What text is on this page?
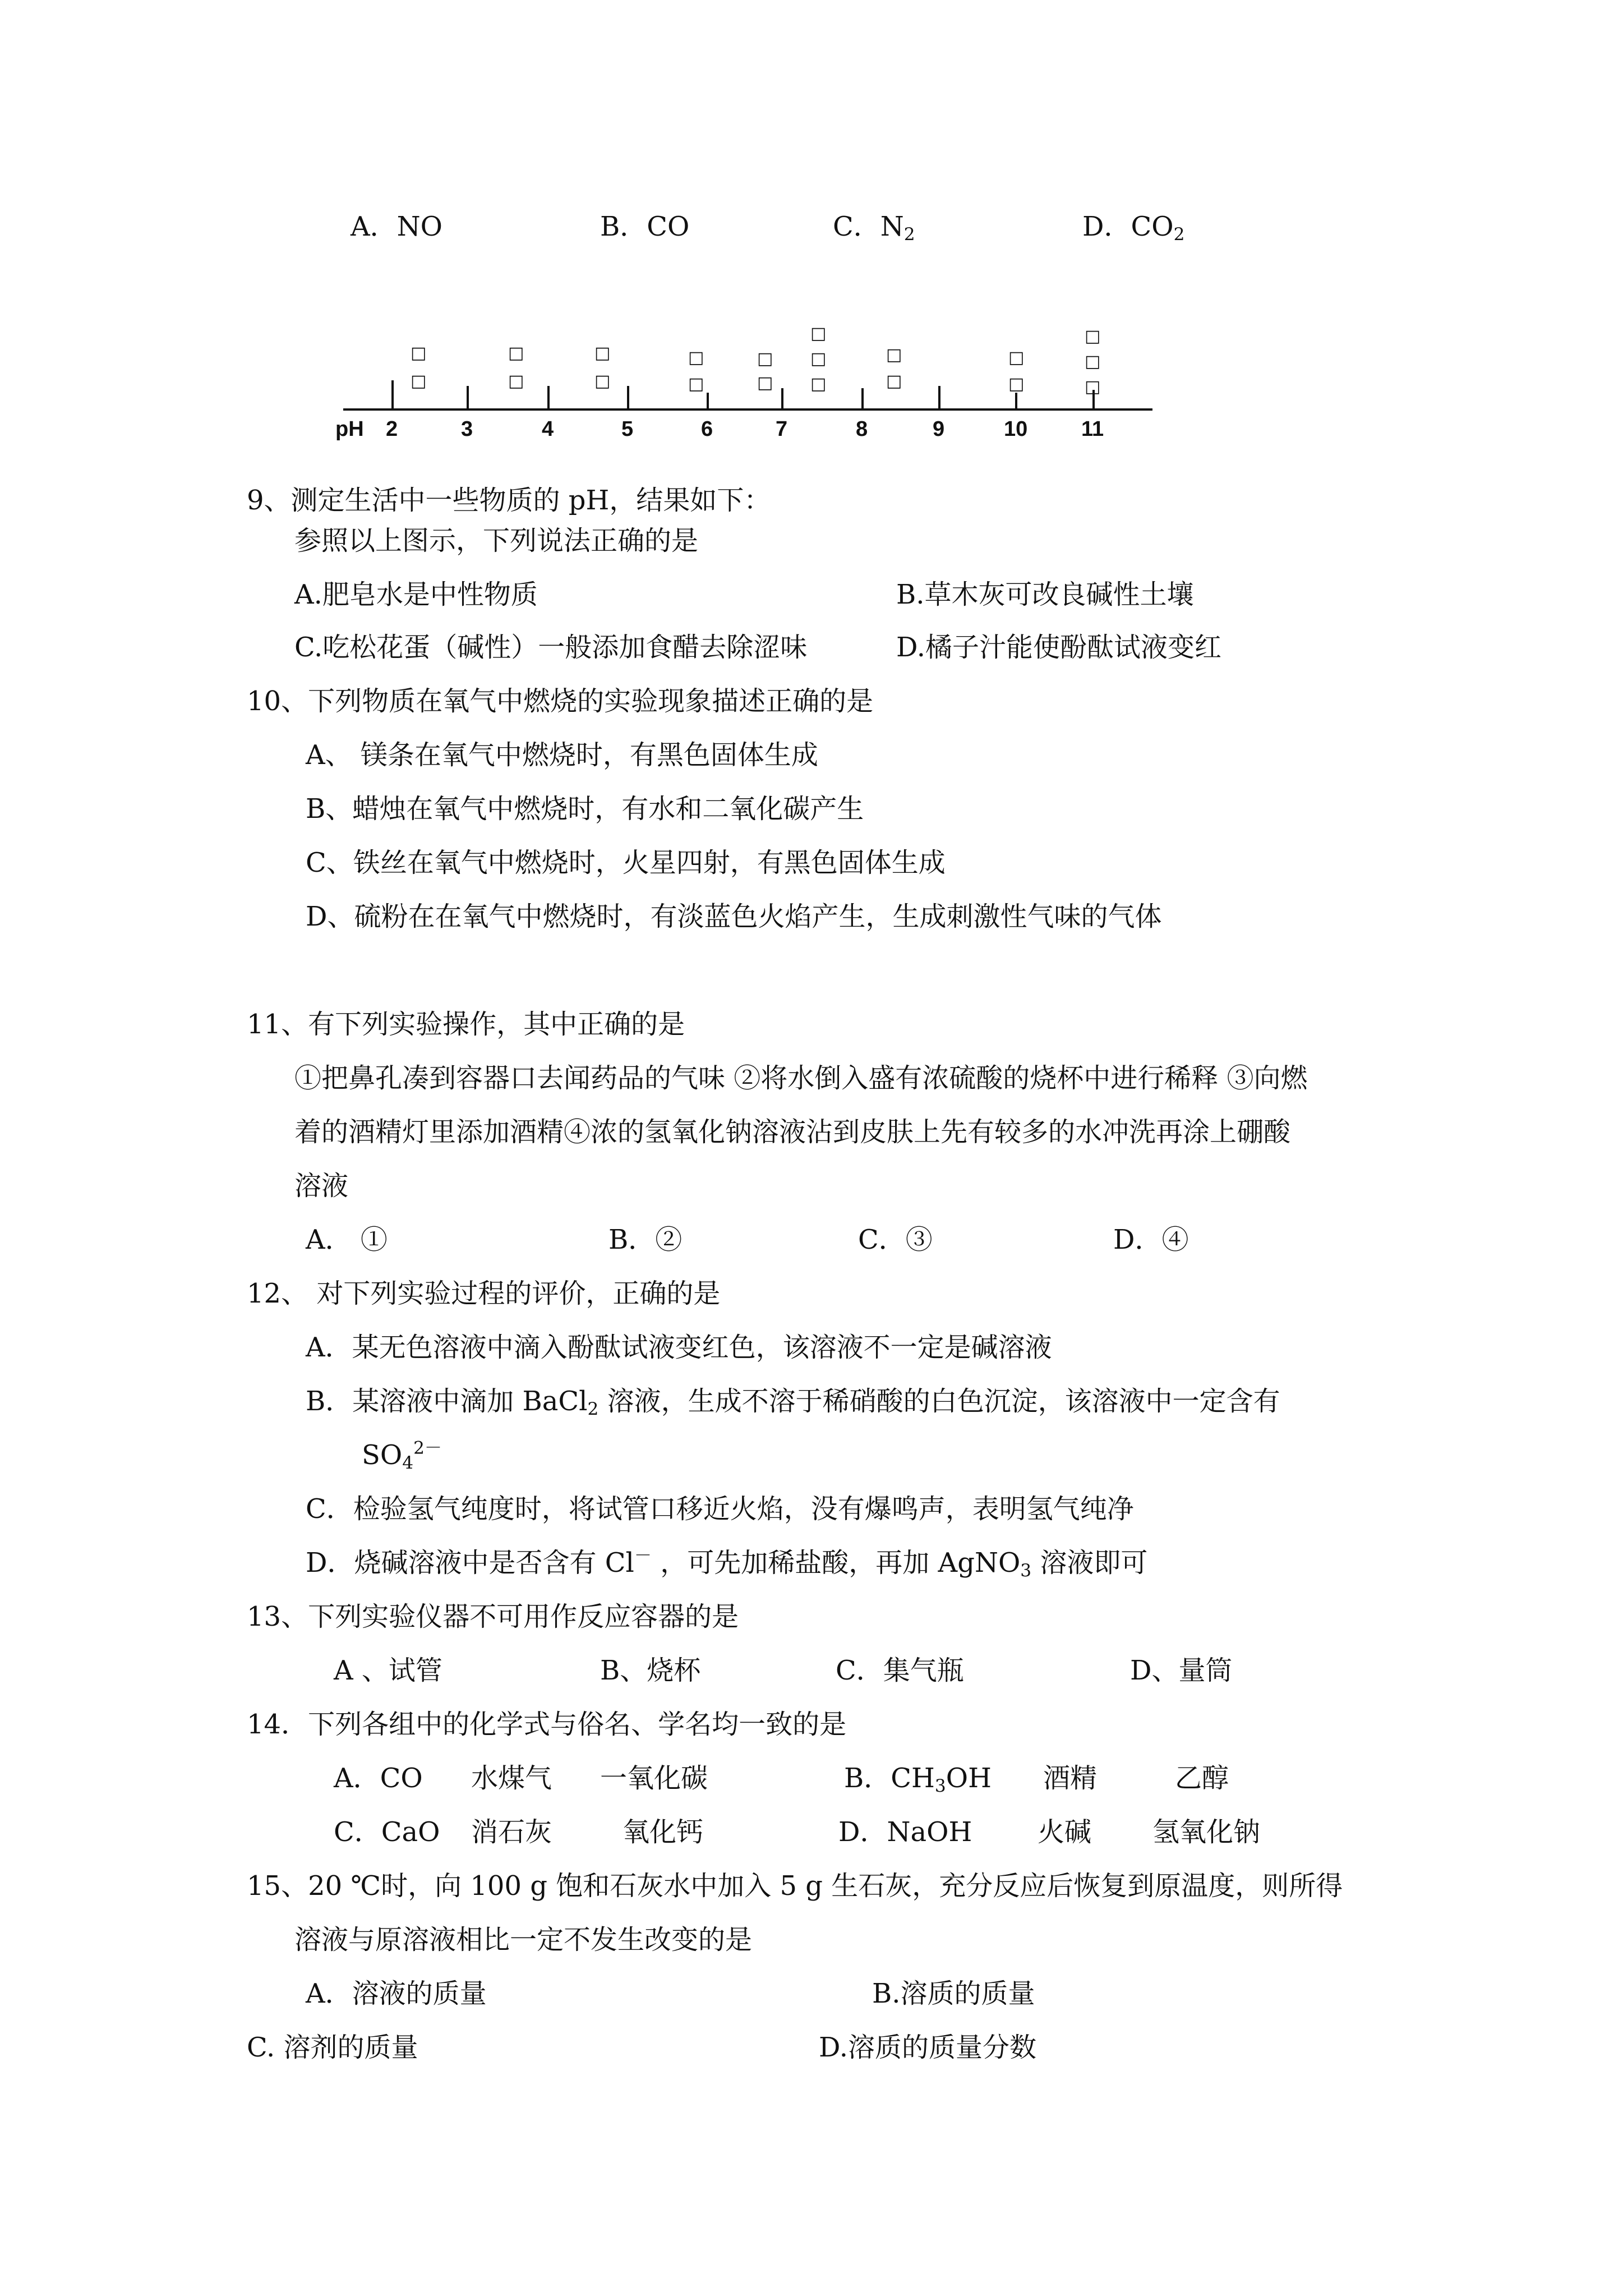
A．NO	B．CO	C．$N_2$	D．$CO_2$
pH 2	3	4	5	6	7	8	9	10	11
□
□
□
□
□
□
□
□
□
□
□
□
□
□
□
□
□
□
□
□
9、测定生活中一些物质的 pH，结果如下：
参照以上图示，下列说法正确的是
A.肥皂水是中性物质	B.草木灰可改良碱性土壤
C.吃松花蛋（碱性）一般添加食醋去除涩味	D.橘子汁能使酚酞试液变红
10、下列物质在氧气中燃烧的实验现象描述正确的是
A、 镁条在氧气中燃烧时，有黑色固体生成
B、蜡烛在氧气中燃烧时，有水和二氧化碳产生
C、铁丝在氧气中燃烧时，火星四射，有黑色固体生成
D、硫粉在在氧气中燃烧时，有淡蓝色火焰产生，生成刺激性气味的气体
11、有下列实验操作，其中正确的是
①把鼻孔凑到容器口去闻药品的气味 ②将水倒入盛有浓硫酸的烧杯中进行稀释 ③向燃
着的酒精灯里添加酒精④浓的氢氧化钠溶液沾到皮肤上先有较多的水冲洗再涂上硼酸
溶液
A． ①	B．②	C．③	D．④
12、 对下列实验过程的评价，正确的是
A．某无色溶液中滴入酚酞试液变红色，该溶液不一定是碱溶液
B．某溶液中滴加 BaCl$_2$ 溶液，生成不溶于稀硝酸的白色沉淀，该溶液中一定含有
$SO_4^{2-}$
C．检验氢气纯度时，将试管口移近火焰，没有爆鸣声，表明氢气纯净
D．烧碱溶液中是否含有 Cl－ ，可先加稀盐酸，再加 AgNO$_3$ 溶液即可
13、下列实验仪器不可用作反应容器的是
A 、试管	B、烧杯	C．集气瓶	D、量筒
14．下列各组中的化学式与俗名、学名均一致的是
A．CO 水煤气 一氧化碳	B．$CH_3OH$ 酒精	乙醇
C．CaO 消石灰	氧化钙	D．NaOH 火碱 氢氧化钠
15、20 ℃时，向 100 g 饱和石灰水中加入 5 g 生石灰，充分反应后恢复到原温度，则所得
溶液与原溶液相比一定不发生改变的是
A．溶液的质量	B.溶质的质量
C. 溶剂的质量	D.溶质的质量分数
